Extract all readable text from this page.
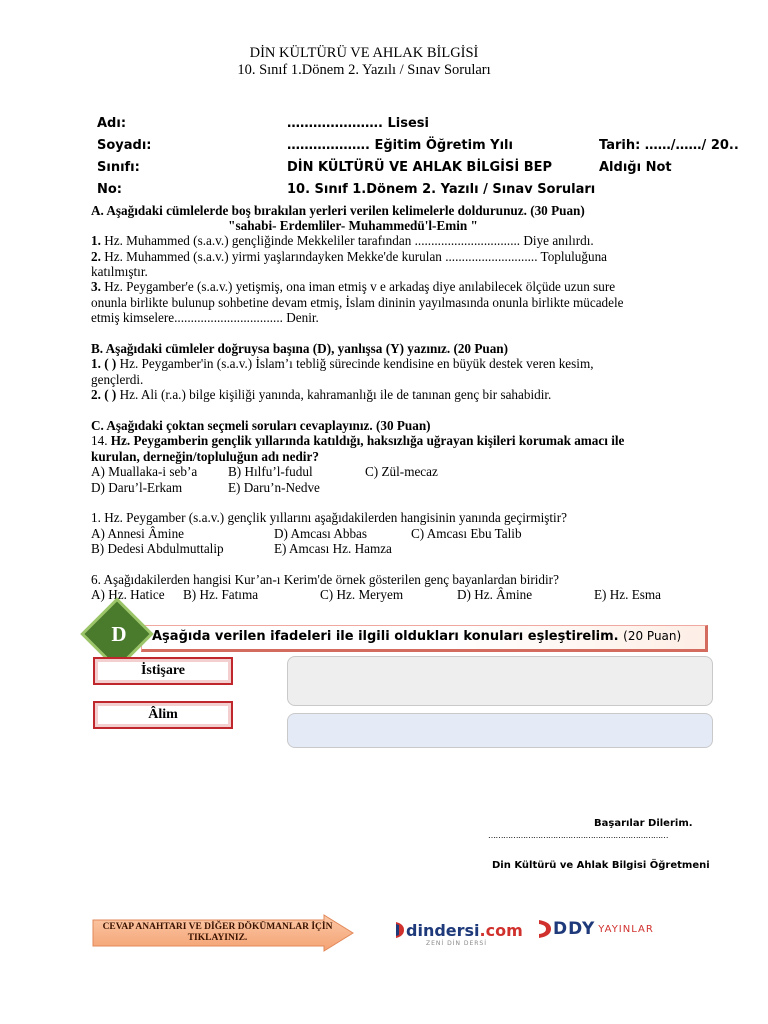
DİN KÜLTÜRÜ VE AHLAK BİLGİSİ
10. Sınıf 1.Dönem 2. Yazılı / Sınav Soruları
Adı:	…………………. Lisesi	
Soyadı:	………………. Eğitim Öğretim Yılı	Tarih: ……/……/ 20..
Sınıfı:	DİN KÜLTÜRÜ VE AHLAK BİLGİSİ BEP	Aldığı Not
No:	10. Sınıf 1.Dönem 2. Yazılı / Sınav Soruları	
A. Aşağıdaki cümlelerde boş bırakılan yerleri verilen kelimelerle doldurunuz. (30 Puan)
"sahabi- Erdemliler- Muhammedü'l-Emin "
1. Hz. Muhammed (s.a.v.) gençliğinde Mekkeliler tarafından ................................ Diye anılırdı.
2. Hz. Muhammed (s.a.v.) yirmi yaşlarındayken Mekke'de kurulan ............................ Topluluğuna
katılmıştır.
3. Hz. Peygamber'e (s.a.v.) yetişmiş, ona iman etmiş v e arkadaş diye anılabilecek ölçüde uzun sure
onunla birlikte bulunup sohbetine devam etmiş, İslam dininin yayılmasında onunla birlikte mücadele
etmiş kimselere................................. Denir.
B. Aşağıdaki cümleler doğruysa başına (D), yanlışsa (Y) yazınız. (20 Puan)
1. ( ) Hz. Peygamber'in (s.a.v.) İslam’ı tebliğ sürecinde kendisine en büyük destek veren kesim,
gençlerdi.
2. ( ) Hz. Ali (r.a.) bilge kişiliği yanında, kahramanlığı ile de tanınan genç bir sahabidir.
C. Aşağıdaki çoktan seçmeli soruları cevaplayınız. (30 Puan)
14. Hz. Peygamberin gençlik yıllarında katıldığı, haksızlığa uğrayan kişileri korumak amacı ile
kurulan, derneğin/topluluğun adı nedir?
A) Muallaka-i seb’a B) Hılfu’l-fudul	C) Zül-mecaz
D) Daru’l-Erkam	E) Daru’n-Nedve
1. Hz. Peygamber (s.a.v.) gençlik yıllarını aşağıdakilerden hangisinin yanında geçirmiştir?
A) Annesi Âmine	D) Amcası Abbas	C) Amcası Ebu Talib
B) Dedesi Abdulmuttalip	E) Amcası Hz. Hamza
6. Aşağıdakilerden hangisi Kur’an-ı Kerim'de örnek gösterilen genç bayanlardan biridir?
A) Hz. Hatice B) Hz. Fatıma	C) Hz. Meryem	D) Hz. Âmine	E) Hz. Esma
D	Aşağıda verilen ifadeleri ile ilgili oldukları konuları eşleştirelim. (20 Puan)
İstişare
Âlim
Başarılar Dilerim.
………………………………………………………………
Din Kültürü ve Ahlak Bilgisi Öğretmeni
CEVAP ANAHTARI VE DİĞER DÖKÜMANLAR İÇİN TIKLAYINIZ.	dindersi.com
ZENİ DİN DERSİ
DDY YAYINLAR
